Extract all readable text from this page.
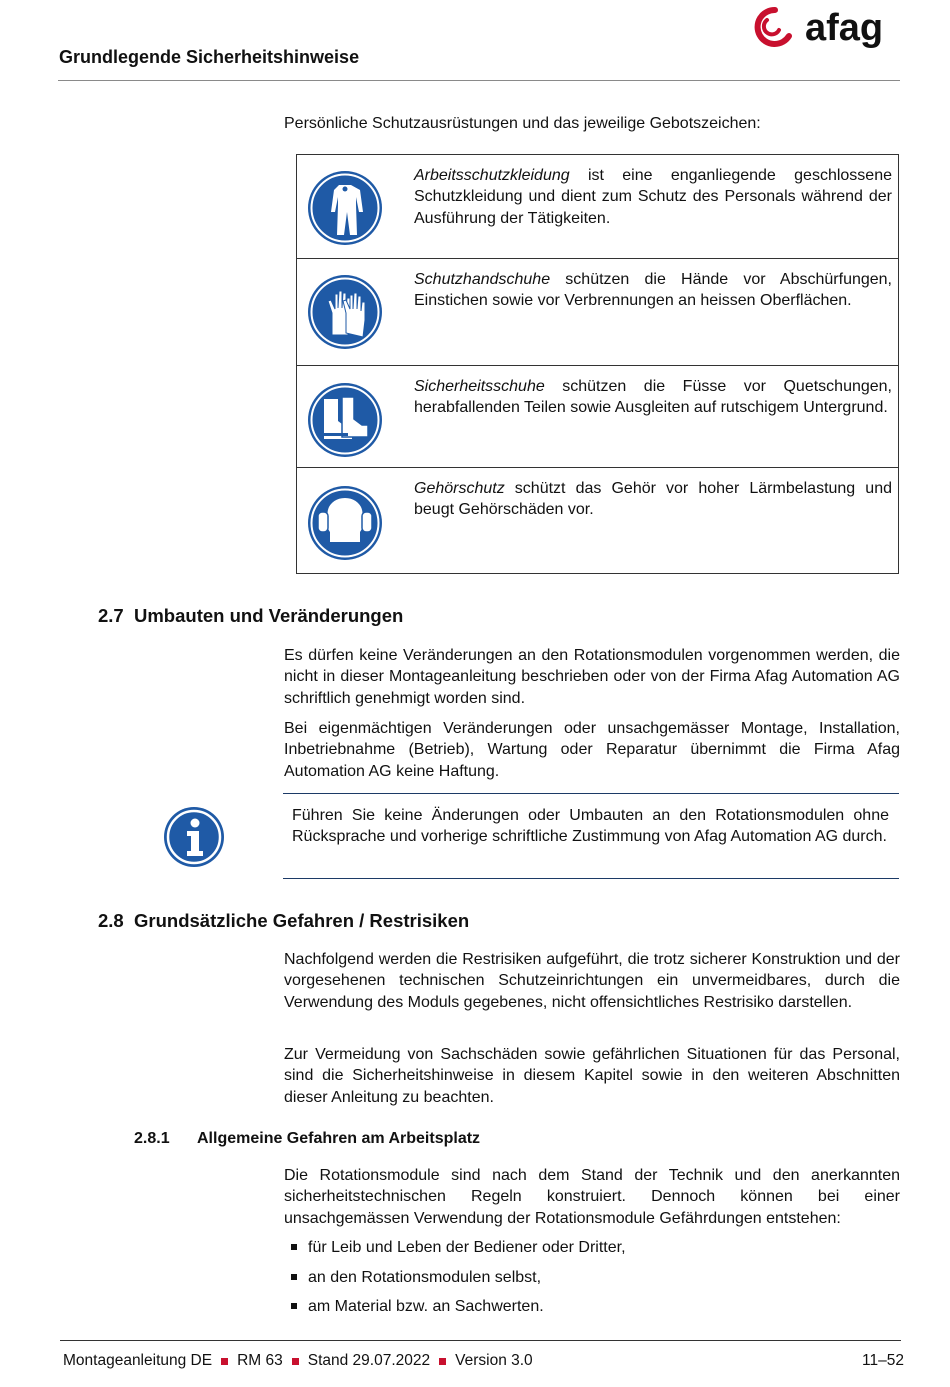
Grundlegende Sicherheitshinweise
afag
Persönliche Schutzausrüstungen und das jeweilige Gebotszeichen:
Arbeitsschutzkleidung ist eine enganliegende geschlossene Schutzkleidung und dient zum Schutz des Personals während der Ausführung der Tätigkeiten.
Schutzhandschuhe schützen die Hände vor Abschürfungen, Einstichen sowie vor Verbrennungen an heissen Oberflächen.
Sicherheitsschuhe schützen die Füsse vor Quetschungen, herabfallenden Teilen sowie Ausgleiten auf rutschigem Untergrund.
Gehörschutz schützt das Gehör vor hoher Lärmbelastung und beugt Gehörschäden vor.
2.7 Umbauten und Veränderungen
Es dürfen keine Veränderungen an den Rotationsmodulen vorgenommen werden, die nicht in dieser Montageanleitung beschrieben oder von der Firma Afag Automation AG schriftlich genehmigt worden sind.
Bei eigenmächtigen Veränderungen oder unsachgemässer Montage, Installation, Inbetriebnahme (Betrieb), Wartung oder Reparatur übernimmt die Firma Afag Automation AG keine Haftung.
Führen Sie keine Änderungen oder Umbauten an den Rotationsmodulen ohne Rücksprache und vorherige schriftliche Zustimmung von Afag Automation AG durch.
2.8 Grundsätzliche Gefahren / Restrisiken
Nachfolgend werden die Restrisiken aufgeführt, die trotz sicherer Konstruktion und der vorgesehenen technischen Schutzeinrichtungen ein unvermeidbares, durch die Verwendung des Moduls gegebenes, nicht offensichtliches Restrisiko darstellen.
Zur Vermeidung von Sachschäden sowie gefährlichen Situationen für das Personal, sind die Sicherheitshinweise in diesem Kapitel sowie in den weiteren Abschnitten dieser Anleitung zu beachten.
2.8.1 Allgemeine Gefahren am Arbeitsplatz
Die Rotationsmodule sind nach dem Stand der Technik und den anerkannten sicherheitstechnischen Regeln konstruiert. Dennoch können bei einer unsachgemässen Verwendung der Rotationsmodule Gefährdungen entstehen:
für Leib und Leben der Bediener oder Dritter,
an den Rotationsmodulen selbst,
am Material bzw. an Sachwerten.
Montageanleitung DE RM 63 Stand 29.07.2022 Version 3.0	11–52
